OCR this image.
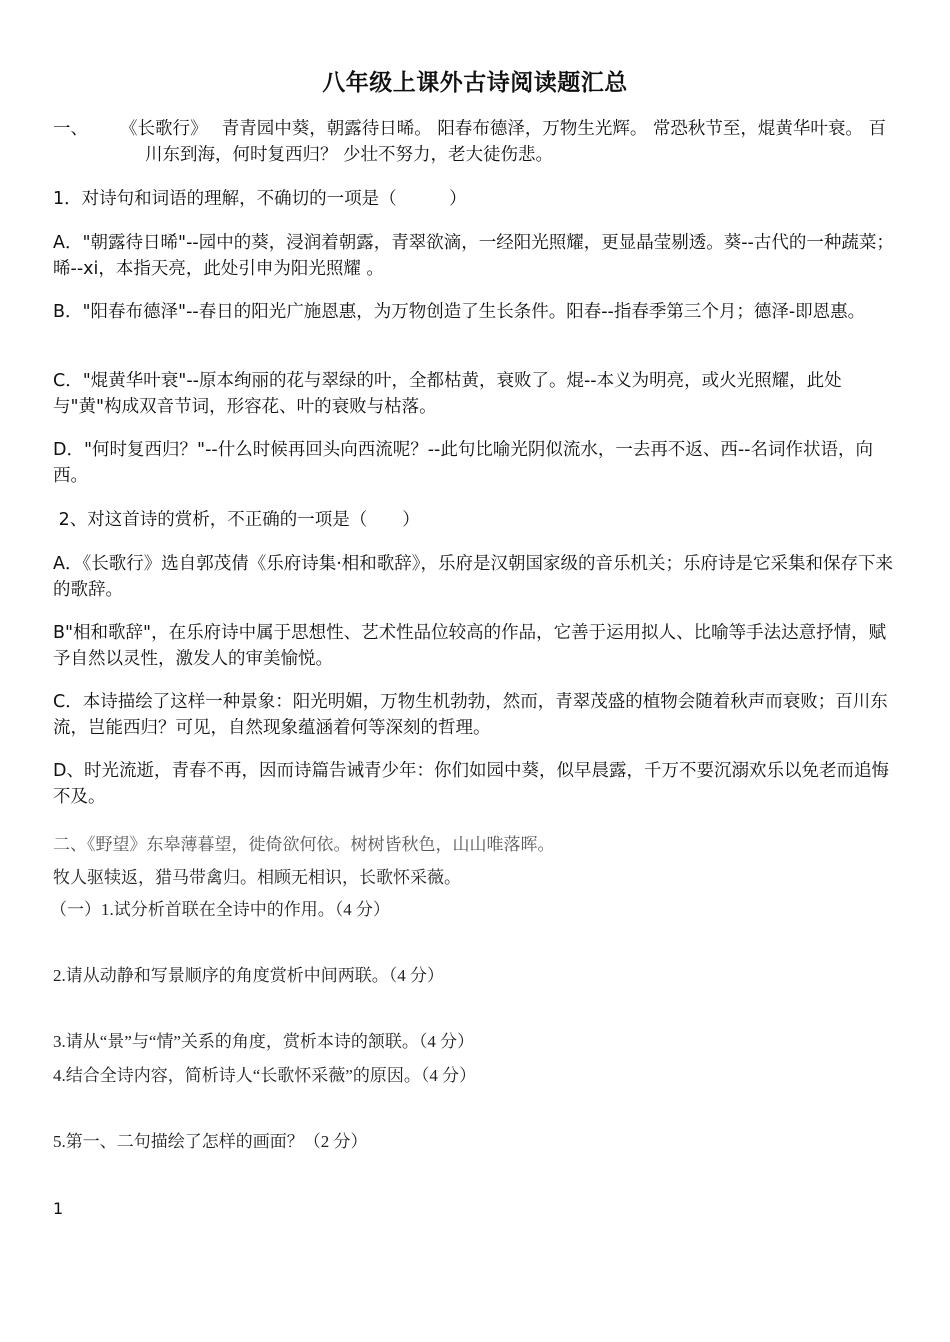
八年级上课外古诗阅读题汇总
一、 《长歌行》　 青青园中葵，朝露待日晞。 阳春布德泽，万物生光辉。 常恐秋节至，焜黄华叶衰。 百川东到海，何时复西归？ 少壮不努力，老大徒伤悲。
1．对诗句和词语的理解，不确切的一项是（　　　）
A．"朝露待日晞"--园中的葵，浸润着朝露，青翠欲滴，一经阳光照耀，更显晶莹剔透。葵--古代的一种蔬菜；晞--xi，本指天亮，此处引申为阳光照耀 。
B．"阳春布德泽"--春日的阳光广施恩惠，为万物创造了生长条件。阳春--指春季第三个月；德泽-即恩惠。
C．"焜黄华叶衰"--原本绚丽的花与翠绿的叶，全都枯黄，衰败了。焜--本义为明亮，或火光照耀，此处与"黄"构成双音节词，形容花、叶的衰败与枯落。
D．"何时复西归？"--什么时候再回头向西流呢？--此句比喻光阴似流水，一去再不返、西--名词作状语，向西。
2、对这首诗的赏析，不正确的一项是（　　）
A．《长歌行》选自郭茂倩《乐府诗集·相和歌辞》，乐府是汉朝国家级的音乐机关；乐府诗是它采集和保存下来的歌辞。
B"相和歌辞"，在乐府诗中属于思想性、艺术性品位较高的作品，它善于运用拟人、比喻等手法达意抒情，赋予自然以灵性，激发人的审美愉悦。
C．本诗描绘了这样一种景象：阳光明媚，万物生机勃勃，然而，青翠茂盛的植物会随着秋声而衰败；百川东流，岂能西归？可见，自然现象蕴涵着何等深刻的哲理。
D、时光流逝，青春不再，因而诗篇告诫青少年：你们如园中葵，似早晨露，千万不要沉溺欢乐以免老而追悔不及。
二、《野望》东皋薄暮望，徙倚欲何依。树树皆秋色，山山唯落晖。
牧人驱犊返，猎马带禽归。相顾无相识，长歌怀采薇。
（一）1.试分析首联在全诗中的作用。（4 分）
2.请从动静和写景顺序的角度赏析中间两联。（4 分）
3.请从“景”与“情”关系的角度，赏析本诗的颔联。（4 分）
4.结合全诗内容，简析诗人“长歌怀采薇”的原因。（4 分）
5.第一、二句描绘了怎样的画面？（2 分）
1
